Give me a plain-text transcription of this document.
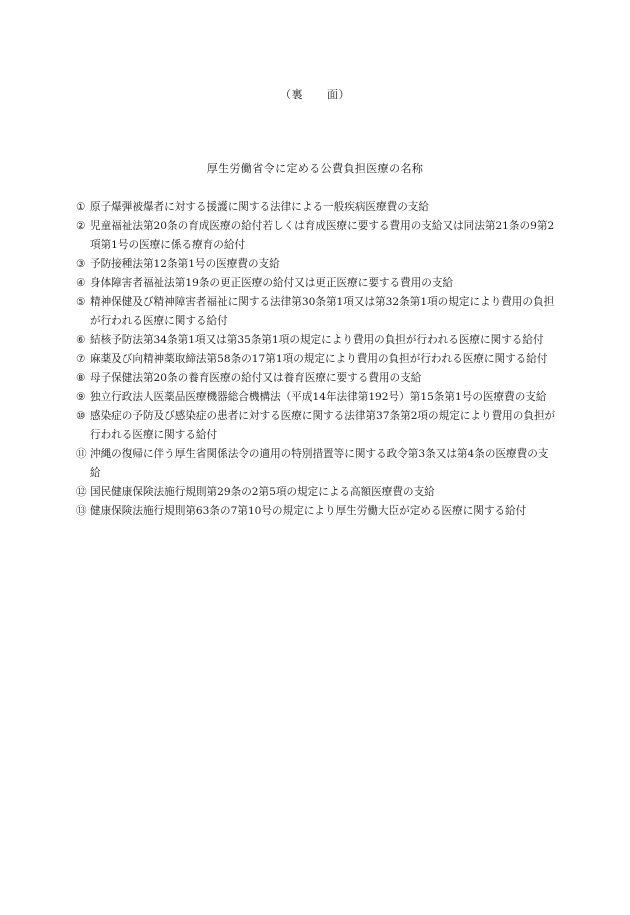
（裏 面）
厚生労働省令に定める公費負担医療の名称
① 原子爆弾被爆者に対する援護に関する法律による一般疾病医療費の支給
② 児童福祉法第20条の育成医療の給付若しくは育成医療に要する費用の支給又は同法第21条の9第2項第1号の医療に係る療育の給付
③ 予防接種法第12条第1号の医療費の支給
④ 身体障害者福祉法第19条の更正医療の給付又は更正医療に要する費用の支給
⑤ 精神保健及び精神障害者福祉に関する法律第30条第1項又は第32条第1項の規定により費用の負担が行われる医療に関する給付
⑥ 結核予防法第34条第1項又は第35条第1項の規定により費用の負担が行われる医療に関する給付
⑦ 麻薬及び向精神薬取締法第58条の17第1項の規定により費用の負担が行われる医療に関する給付
⑧ 母子保健法第20条の養育医療の給付又は養育医療に要する費用の支給
⑨ 独立行政法人医薬品医療機器総合機構法（平成14年法律第192号）第15条第1号の医療費の支給
⑩ 感染症の予防及び感染症の患者に対する医療に関する法律第37条第2項の規定により費用の負担が行われる医療に関する給付
⑪ 沖縄の復帰に伴う厚生省関係法令の適用の特別措置等に関する政令第3条又は第4条の医療費の支給
⑫ 国民健康保険法施行規則第29条の2第5項の規定による高額医療費の支給
⑬ 健康保険法施行規則第63条の7第10号の規定により厚生労働大臣が定める医療に関する給付
